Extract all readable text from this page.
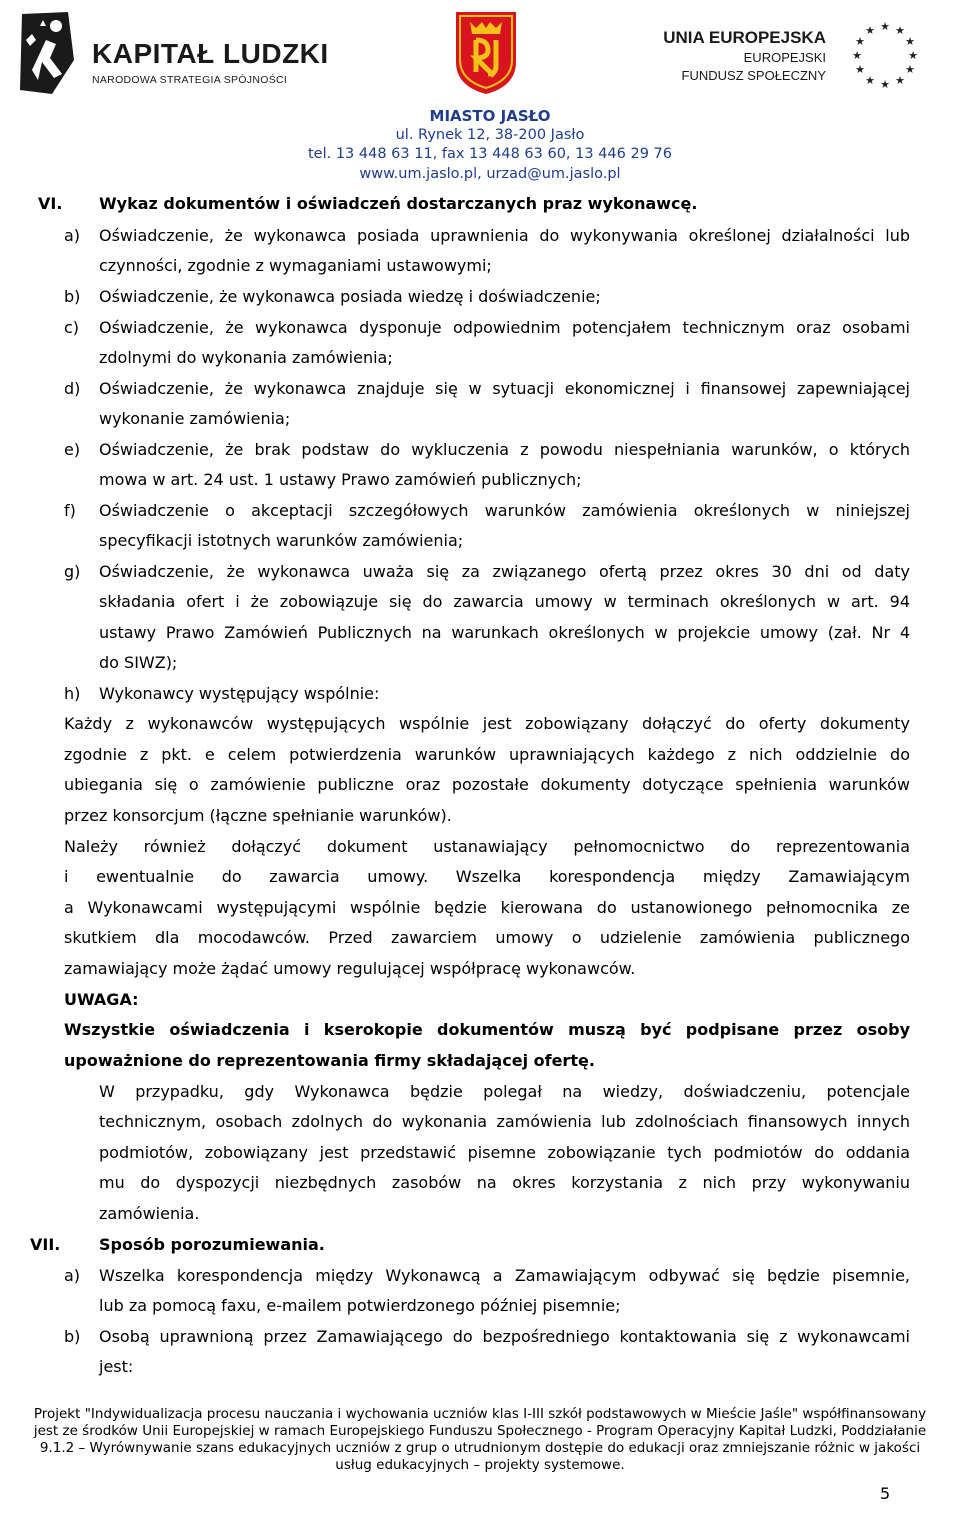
KAPITAŁ LUDZKI
NARODOWA STRATEGIA SPÓJNOŚCI
UNIA EUROPEJSKA
EUROPEJSKI
FUNDUSZ SPOŁECZNY
★ ★
★
★
★
★
★
★
★
★
★
★
MIASTO JASŁO
ul. Rynek 12, 38-200 Jasło
tel. 13 448 63 11, fax 13 448 63 60, 13 446 29 76
www.um.jaslo.pl, urzad@um.jaslo.pl
VI. Wykaz dokumentów i oświadczeń dostarczanych praz wykonawcę.
a) Oświadczenie, że wykonawca posiada uprawnienia do wykonywania określonej działalności lub
czynności, zgodnie z wymaganiami ustawowymi;
b) Oświadczenie, że wykonawca posiada wiedzę i doświadczenie;
c) Oświadczenie, że wykonawca dysponuje odpowiednim potencjałem technicznym oraz osobami
zdolnymi do wykonania zamówienia;
d) Oświadczenie, że wykonawca znajduje się w sytuacji ekonomicznej i finansowej zapewniającej
wykonanie zamówienia;
e) Oświadczenie, że brak podstaw do wykluczenia z powodu niespełniania warunków, o których
mowa w art. 24 ust. 1 ustawy Prawo zamówień publicznych;
f) Oświadczenie o akceptacji szczegółowych warunków zamówienia określonych w niniejszej
specyfikacji istotnych warunków zamówienia;
g) Oświadczenie, że wykonawca uważa się za związanego ofertą przez okres 30 dni od daty
składania ofert i że zobowiązuje się do zawarcia umowy w terminach określonych w art. 94
ustawy Prawo Zamówień Publicznych na warunkach określonych w projekcie umowy (zał. Nr 4
do SIWZ);
h) Wykonawcy występujący wspólnie:
Każdy z wykonawców występujących wspólnie jest zobowiązany dołączyć do oferty dokumenty
zgodnie z pkt. e celem potwierdzenia warunków uprawniających każdego z nich oddzielnie do
ubiegania się o zamówienie publiczne oraz pozostałe dokumenty dotyczące spełnienia warunków
przez konsorcjum (łączne spełnianie warunków).
Należy również dołączyć dokument ustanawiający pełnomocnictwo do reprezentowania
i ewentualnie do zawarcia umowy. Wszelka korespondencja między Zamawiającym
a Wykonawcami występującymi wspólnie będzie kierowana do ustanowionego pełnomocnika ze
skutkiem dla mocodawców. Przed zawarciem umowy o udzielenie zamówienia publicznego
zamawiający może żądać umowy regulującej współpracę wykonawców.
UWAGA:
Wszystkie oświadczenia i kserokopie dokumentów muszą być podpisane przez osoby
upoważnione do reprezentowania firmy składającej ofertę.
W przypadku, gdy Wykonawca będzie polegał na wiedzy, doświadczeniu, potencjale
technicznym, osobach zdolnych do wykonania zamówienia lub zdolnościach finansowych innych
podmiotów, zobowiązany jest przedstawić pisemne zobowiązanie tych podmiotów do oddania
mu do dyspozycji niezbędnych zasobów na okres korzystania z nich przy wykonywaniu
zamówienia.
VII. Sposób porozumiewania.
a) Wszelka korespondencja między Wykonawcą a Zamawiającym odbywać się będzie pisemnie,
lub za pomocą faxu, e-mailem potwierdzonego później pisemnie;
b) Osobą uprawnioną przez Zamawiającego do bezpośredniego kontaktowania się z wykonawcami
jest:
Projekt "Indywidualizacja procesu nauczania i wychowania uczniów klas I-III szkół podstawowych w Mieście Jaśle" współfinansowany
jest ze środków Unii Europejskiej w ramach Europejskiego Funduszu Społecznego - Program Operacyjny Kapitał Ludzki, Poddziałanie
9.1.2 – Wyrównywanie szans edukacyjnych uczniów z grup o utrudnionym dostępie do edukacji oraz zmniejszanie różnic w jakości
usług edukacyjnych – projekty systemowe.
5
